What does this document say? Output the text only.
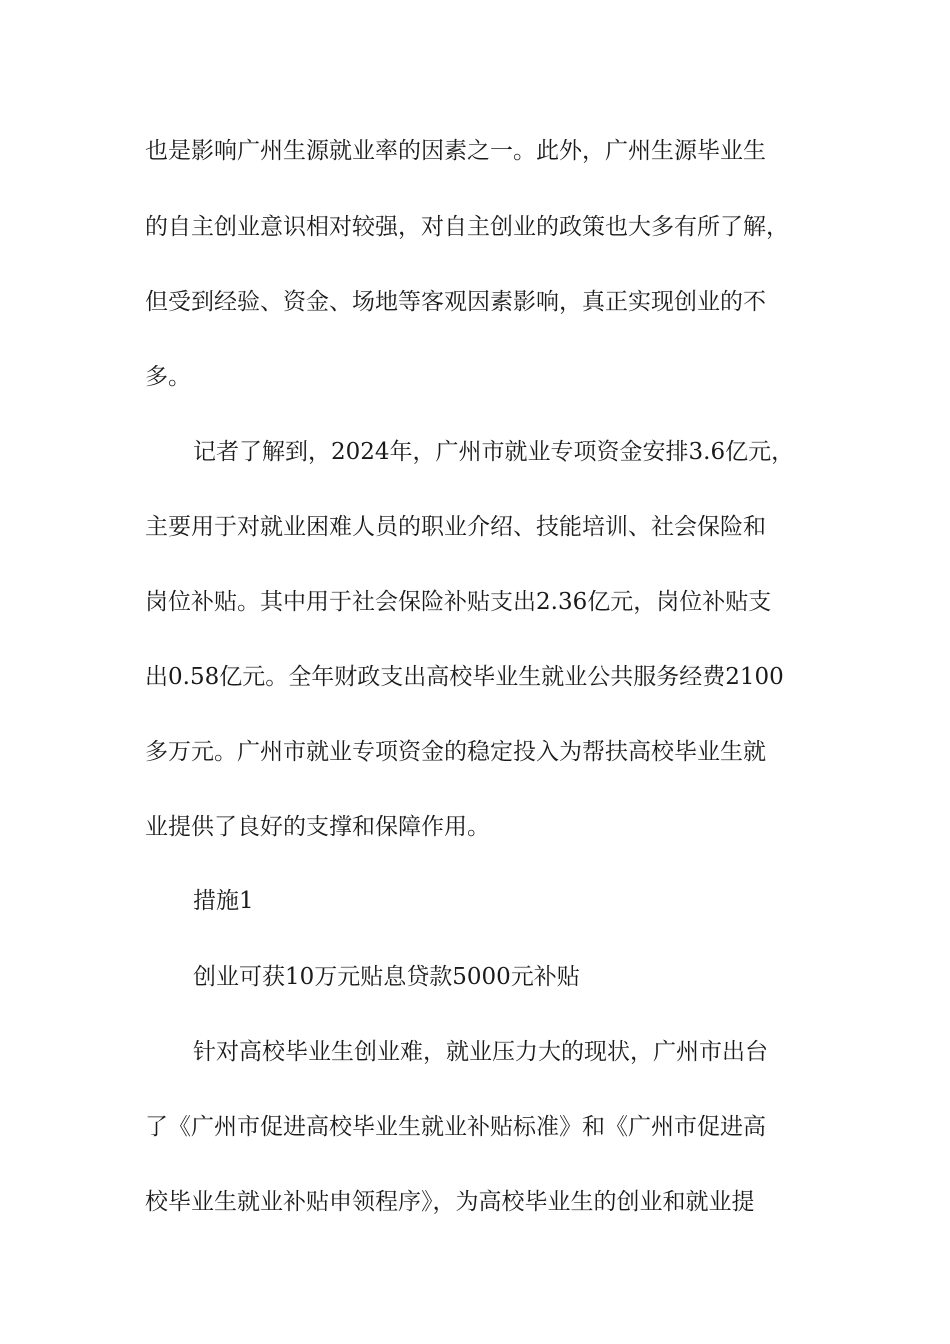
也是影响广州生源就业率的因素之一。此外，广州生源毕业生
的自主创业意识相对较强，对自主创业的政策也大多有所了解，
但受到经验、资金、场地等客观因素影响，真正实现创业的不
多。
记者了解到，2024年，广州市就业专项资金安排3.6亿元，
主要用于对就业困难人员的职业介绍、技能培训、社会保险和
岗位补贴。其中用于社会保险补贴支出2.36亿元，岗位补贴支
出0.58亿元。全年财政支出高校毕业生就业公共服务经费2100
多万元。广州市就业专项资金的稳定投入为帮扶高校毕业生就
业提供了良好的支撑和保障作用。
措施1
创业可获10万元贴息贷款5000元补贴
针对高校毕业生创业难，就业压力大的现状，广州市出台
了《广州市促进高校毕业生就业补贴标准》和《广州市促进高
校毕业生就业补贴申领程序》，为高校毕业生的创业和就业提
